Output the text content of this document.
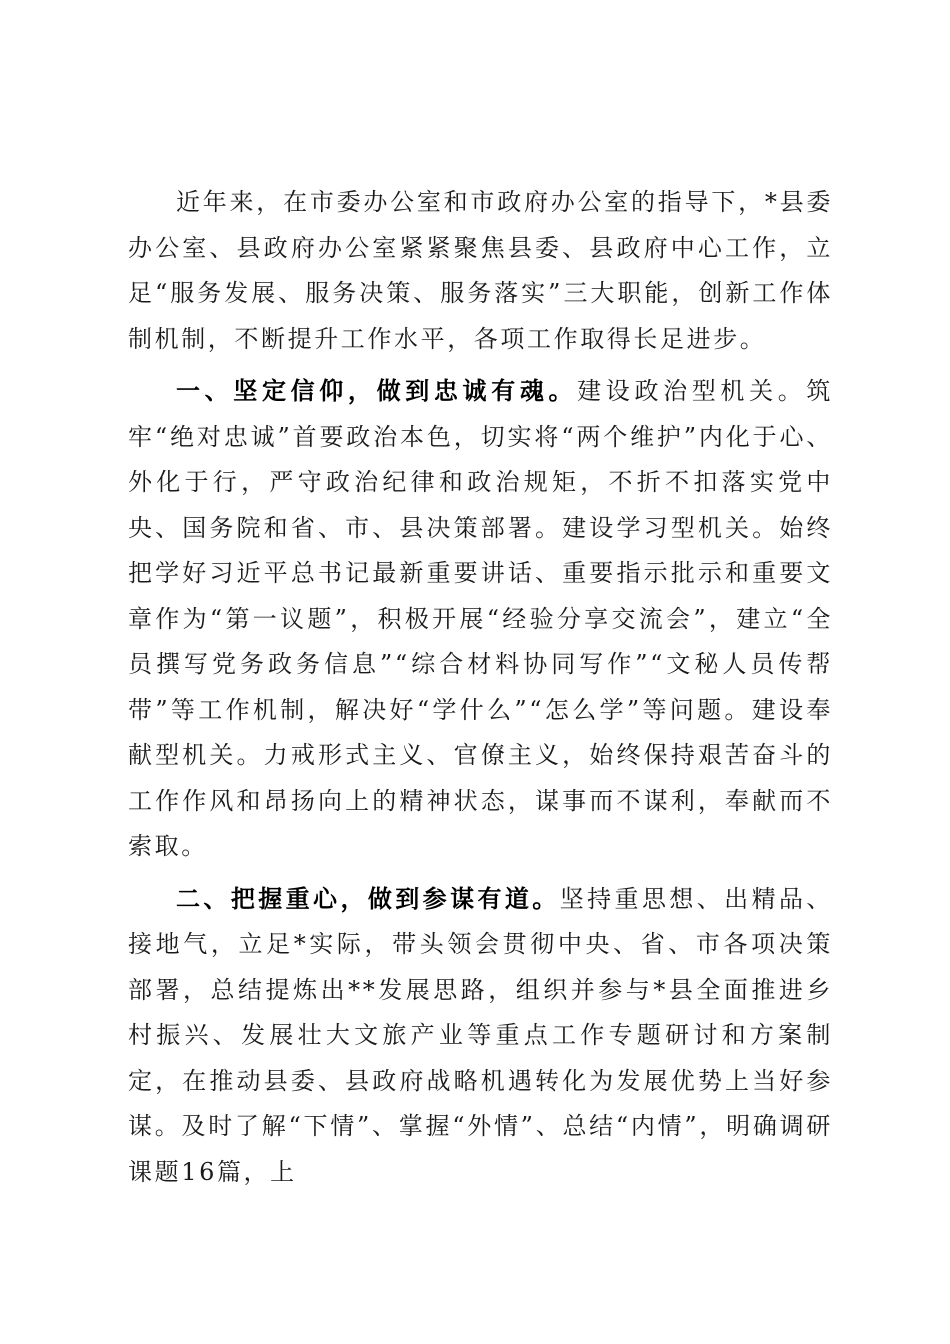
近年来，在市委办公室和市政府办公室的指导下，*县委办公室、县政府办公室紧紧聚焦县委、县政府中心工作，立足“服务发展、服务决策、服务落实”三大职能，创新工作体制机制，不断提升工作水平，各项工作取得长足进步。

一、坚定信仰，做到忠诚有魂。建设政治型机关。筑牢“绝对忠诚”首要政治本色，切实将“两个维护”内化于心、外化于行，严守政治纪律和政治规矩，不折不扣落实党中央、国务院和省、市、县决策部署。建设学习型机关。始终把学好习近平总书记最新重要讲话、重要指示批示和重要文章作为“第一议题”，积极开展“经验分享交流会”，建立“全员撰写党务政务信息”“综合材料协同写作”“文秘人员传帮带”等工作机制，解决好“学什么”“怎么学”等问题。建设奉献型机关。力戒形式主义、官僚主义，始终保持艰苦奋斗的工作作风和昂扬向上的精神状态，谋事而不谋利，奉献而不索取。

二、把握重心，做到参谋有道。坚持重思想、出精品、接地气，立足*实际，带头领会贯彻中央、省、市各项决策部署，总结提炼出**发展思路，组织并参与*县全面推进乡村振兴、发展壮大文旅产业等重点工作专题研讨和方案制定，在推动县委、县政府战略机遇转化为发展优势上当好参谋。及时了解“下情”、掌握“外情”、总结“内情”，明确调研课题16篇，上
